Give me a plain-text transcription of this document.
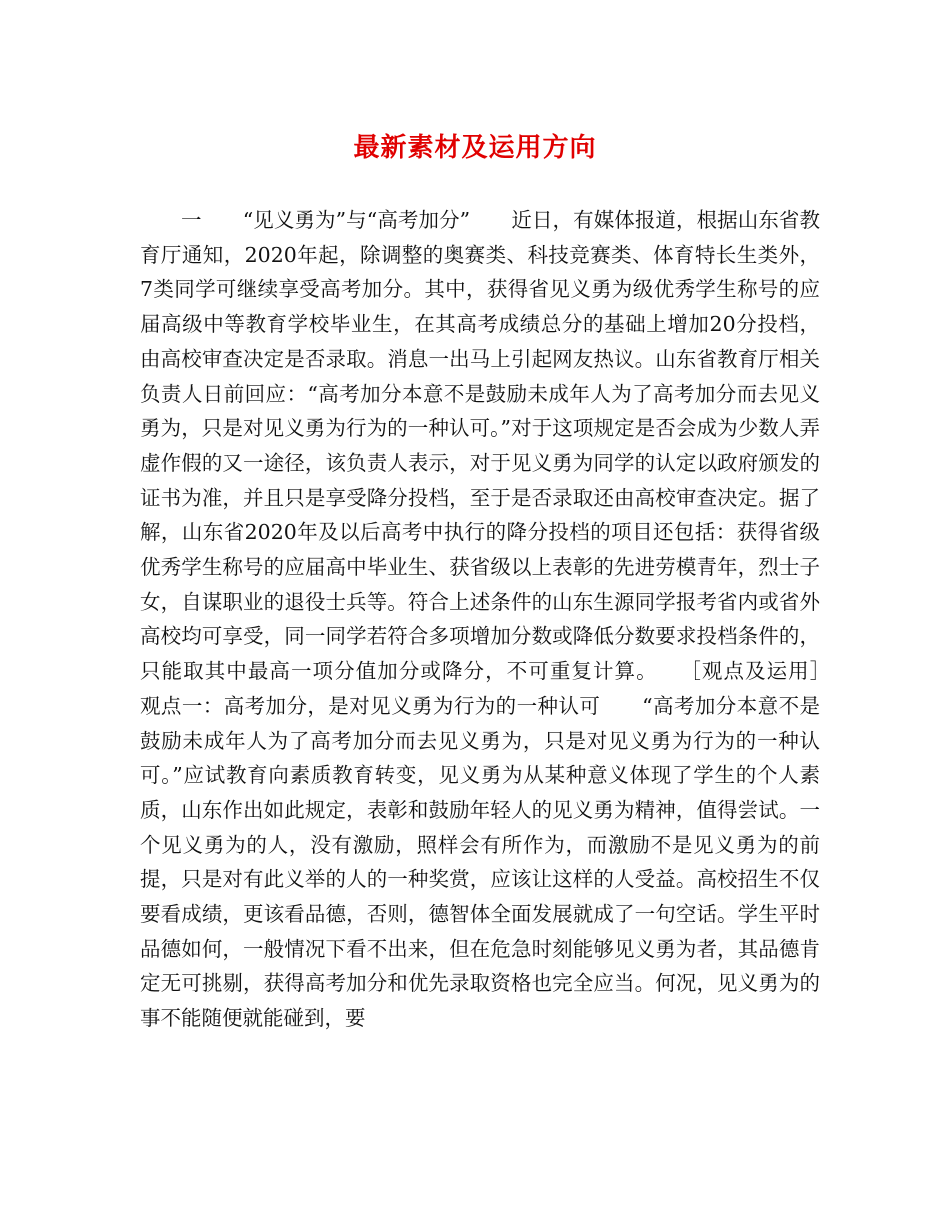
最新素材及运用方向

一　　“见义勇为”与“高考加分”　　近日，有媒体报道，根据山东省教育厅通知，2020年起，除调整的奥赛类、科技竞赛类、体育特长生类外，7类同学可继续享受高考加分。其中，获得省见义勇为级优秀学生称号的应届高级中等教育学校毕业生，在其高考成绩总分的基础上增加20分投档，由高校审查决定是否录取。消息一出马上引起网友热议。山东省教育厅相关负责人日前回应：“高考加分本意不是鼓励未成年人为了高考加分而去见义勇为，只是对见义勇为行为的一种认可。”对于这项规定是否会成为少数人弄虚作假的又一途径，该负责人表示，对于见义勇为同学的认定以政府颁发的证书为准，并且只是享受降分投档，至于是否录取还由高校审查决定。据了解，山东省2020年及以后高考中执行的降分投档的项目还包括：获得省级优秀学生称号的应届高中毕业生、获省级以上表彰的先进劳模青年，烈士子女，自谋职业的退役士兵等。符合上述条件的山东生源同学报考省内或省外高校均可享受，同一同学若符合多项增加分数或降低分数要求投档条件的，只能取其中最高一项分值加分或降分，不可重复计算。　　［观点及运用］　　观点一：高考加分，是对见义勇为行为的一种认可　　“高考加分本意不是鼓励未成年人为了高考加分而去见义勇为，只是对见义勇为行为的一种认可。”应试教育向素质教育转变，见义勇为从某种意义体现了学生的个人素质，山东作出如此规定，表彰和鼓励年轻人的见义勇为精神，值得尝试。一个见义勇为的人，没有激励，照样会有所作为，而激励不是见义勇为的前提，只是对有此义举的人的一种奖赏，应该让这样的人受益。高校招生不仅要看成绩，更该看品德，否则，德智体全面发展就成了一句空话。学生平时品德如何，一般情况下看不出来，但在危急时刻能够见义勇为者，其品德肯定无可挑剔，获得高考加分和优先录取资格也完全应当。何况，见义勇为的事不能随便就能碰到，要
